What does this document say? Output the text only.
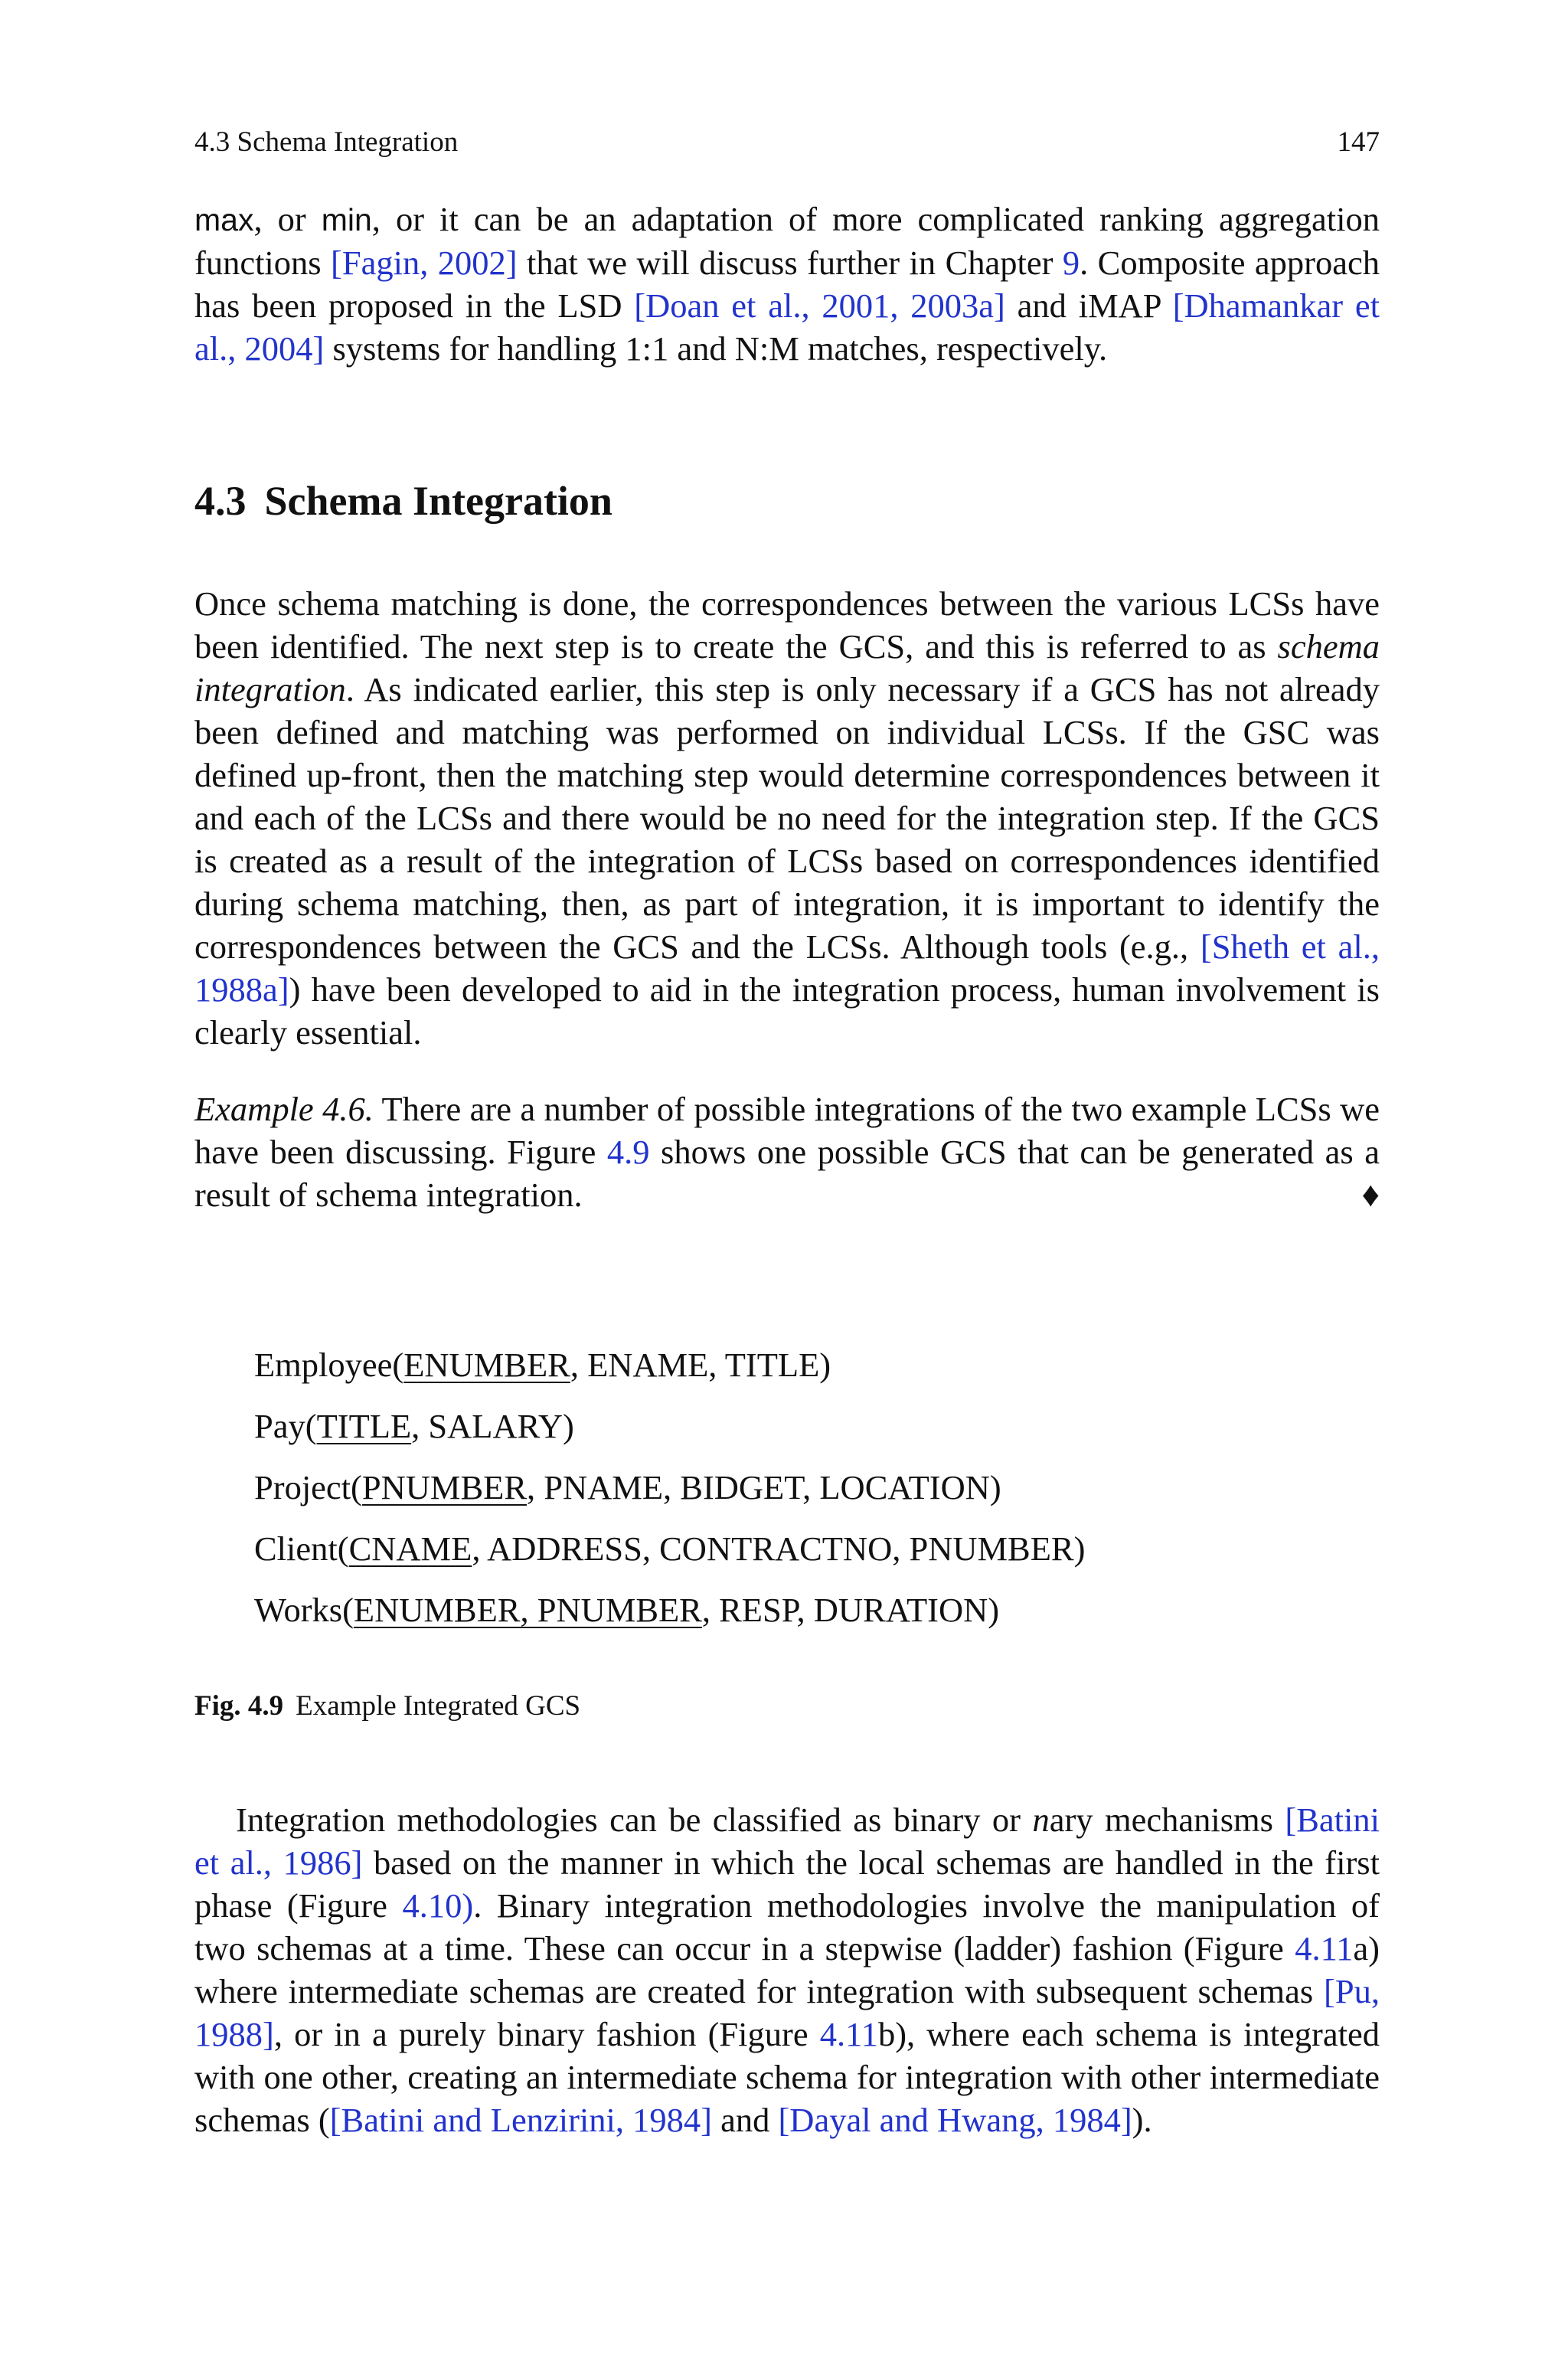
4.3 Schema Integration	147

max, or min, or it can be an adaptation of more complicated ranking aggregation functions [Fagin, 2002] that we will discuss further in Chapter 9. Composite approach has been proposed in the LSD [Doan et al., 2001, 2003a] and iMAP [Dhamankar et al., 2004] systems for handling 1:1 and N:M matches, respectively.

4.3 Schema Integration

Once schema matching is done, the correspondences between the various LCSs have been identified. The next step is to create the GCS, and this is referred to as schema integration. As indicated earlier, this step is only necessary if a GCS has not already been defined and matching was performed on individual LCSs. If the GSC was defined up-front, then the matching step would determine correspondences between it and each of the LCSs and there would be no need for the integration step. If the GCS is created as a result of the integration of LCSs based on correspondences identified during schema matching, then, as part of integration, it is important to identify the correspondences between the GCS and the LCSs. Although tools (e.g., [Sheth et al., 1988a]) have been developed to aid in the integration process, human involvement is clearly essential.

Example 4.6. There are a number of possible integrations of the two example LCSs we have been discussing. Figure 4.9 shows one possible GCS that can be generated as a result of schema integration.	♦

Employee(ENUMBER, ENAME, TITLE)
Pay(TITLE, SALARY)
Project(PNUMBER, PNAME, BIDGET, LOCATION)
Client(CNAME, ADDRESS, CONTRACTNO, PNUMBER)
Works(ENUMBER, PNUMBER, RESP, DURATION)
Fig. 4.9 Example Integrated GCS

Integration methodologies can be classified as binary or nary mechanisms [Batini et al., 1986] based on the manner in which the local schemas are handled in the first phase (Figure 4.10). Binary integration methodologies involve the manipulation of two schemas at a time. These can occur in a stepwise (ladder) fashion (Figure 4.11a) where intermediate schemas are created for integration with subsequent schemas [Pu, 1988], or in a purely binary fashion (Figure 4.11b), where each schema is integrated with one other, creating an intermediate schema for integration with other intermediate schemas ([Batini and Lenzirini, 1984] and [Dayal and Hwang, 1984]).
